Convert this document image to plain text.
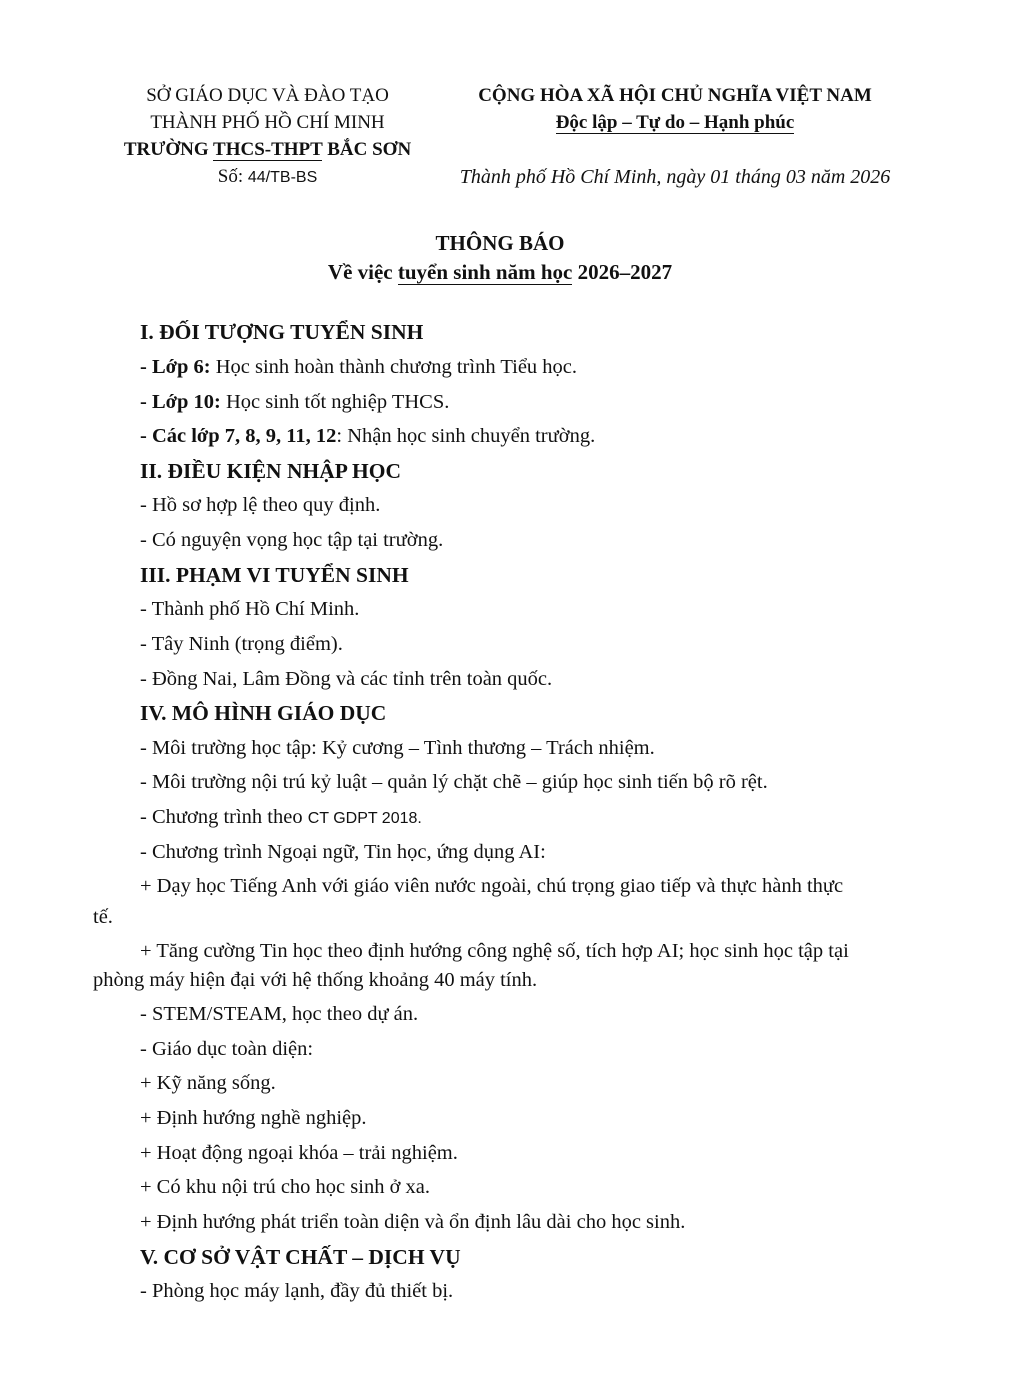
SỞ GIÁO DỤC VÀ ĐÀO TẠO
THÀNH PHỐ HỒ CHÍ MINH
TRƯỜNG THCS-THPT BẮC SƠN
Số: 44/TB-BS
CỘNG HÒA XÃ HỘI CHỦ NGHĨA VIỆT NAM
Độc lập – Tự do – Hạnh phúc
Thành phố Hồ Chí Minh, ngày 01 tháng 03 năm 2026
THÔNG BÁO
Về việc tuyển sinh năm học 2026–2027
I. ĐỐI TƯỢNG TUYỂN SINH
- Lớp 6: Học sinh hoàn thành chương trình Tiểu học.
- Lớp 10: Học sinh tốt nghiệp THCS.
- Các lớp 7, 8, 9, 11, 12: Nhận học sinh chuyển trường.
II. ĐIỀU KIỆN NHẬP HỌC
- Hồ sơ hợp lệ theo quy định.
- Có nguyện vọng học tập tại trường.
III. PHẠM VI TUYỂN SINH
- Thành phố Hồ Chí Minh.
- Tây Ninh (trọng điểm).
- Đồng Nai, Lâm Đồng và các tỉnh trên toàn quốc.
IV. MÔ HÌNH GIÁO DỤC
- Môi trường học tập: Kỷ cương – Tình thương – Trách nhiệm.
- Môi trường nội trú kỷ luật – quản lý chặt chẽ – giúp học sinh tiến bộ rõ rệt.
- Chương trình theo CT GDPT 2018.
- Chương trình Ngoại ngữ, Tin học, ứng dụng AI:
+ Dạy học Tiếng Anh với giáo viên nước ngoài, chú trọng giao tiếp và thực hành thực
tế.
+ Tăng cường Tin học theo định hướng công nghệ số, tích hợp AI; học sinh học tập tại
phòng máy hiện đại với hệ thống khoảng 40 máy tính.
- STEM/STEAM, học theo dự án.
- Giáo dục toàn diện:
+ Kỹ năng sống.
+ Định hướng nghề nghiệp.
+ Hoạt động ngoại khóa – trải nghiệm.
+ Có khu nội trú cho học sinh ở xa.
+ Định hướng phát triển toàn diện và ổn định lâu dài cho học sinh.
V. CƠ SỞ VẬT CHẤT – DỊCH VỤ
- Phòng học máy lạnh, đầy đủ thiết bị.
